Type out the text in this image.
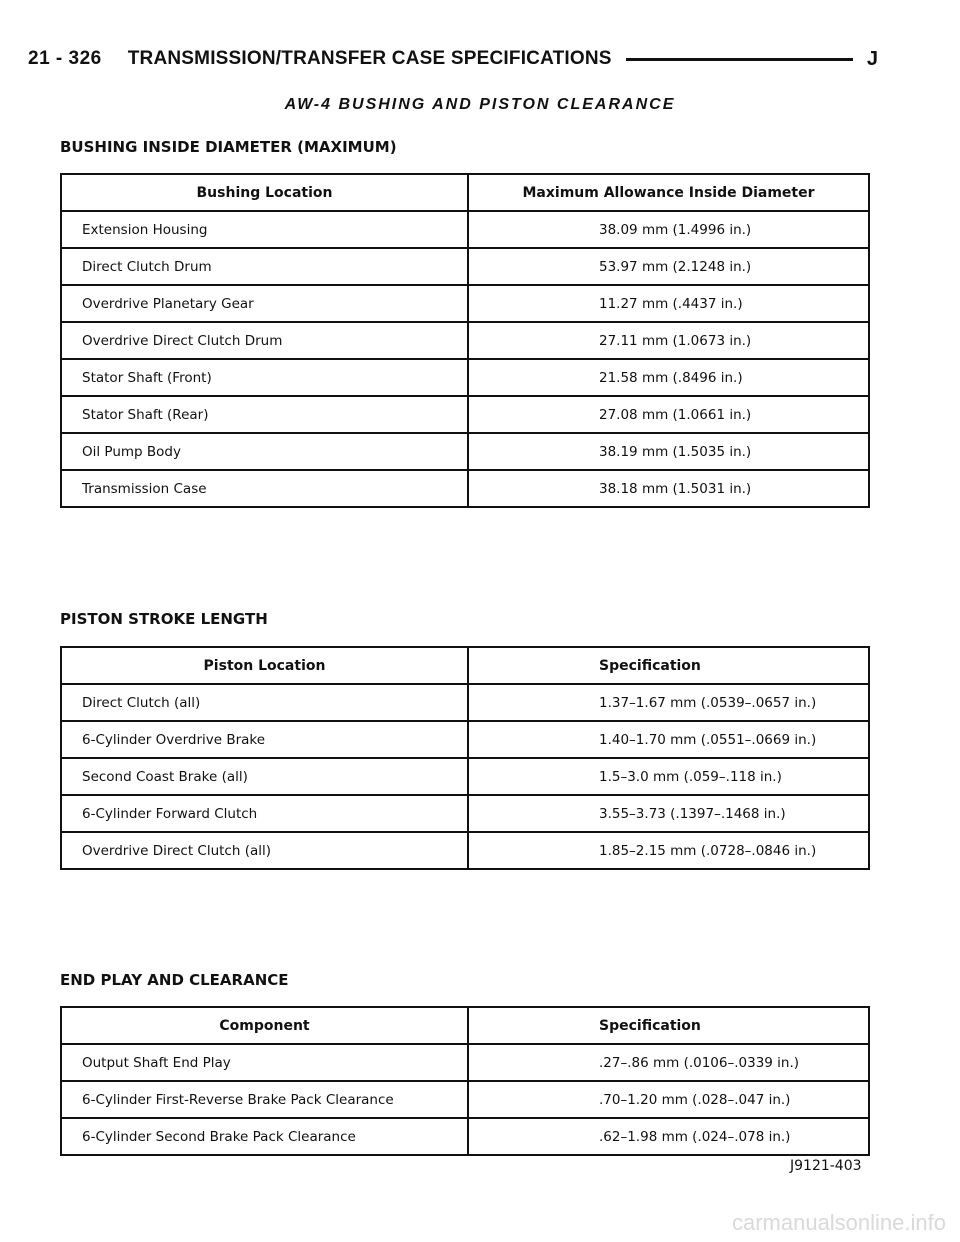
21 - 326 TRANSMISSION/TRANSFER CASE SPECIFICATIONS	J
AW-4 BUSHING AND PISTON CLEARANCE
BUSHING INSIDE DIAMETER (MAXIMUM)
Bushing Location	Maximum Allowance Inside Diameter
Extension Housing	38.09 mm (1.4996 in.)
Direct Clutch Drum	53.97 mm (2.1248 in.)
Overdrive Planetary Gear	11.27 mm (.4437 in.)
Overdrive Direct Clutch Drum	27.11 mm (1.0673 in.)
Stator Shaft (Front)	21.58 mm (.8496 in.)
Stator Shaft (Rear)	27.08 mm (1.0661 in.)
Oil Pump Body	38.19 mm (1.5035 in.)
Transmission Case	38.18 mm (1.5031 in.)
PISTON STROKE LENGTH
Piston Location	Specification
Direct Clutch (all)	1.37–1.67 mm (.0539–.0657 in.)
6-Cylinder Overdrive Brake	1.40–1.70 mm (.0551–.0669 in.)
Second Coast Brake (all)	1.5–3.0 mm (.059–.118 in.)
6-Cylinder Forward Clutch	3.55–3.73 (.1397–.1468 in.)
Overdrive Direct Clutch (all)	1.85–2.15 mm (.0728–.0846 in.)
END PLAY AND CLEARANCE
Component	Specification
Output Shaft End Play	.27–.86 mm (.0106–.0339 in.)
6-Cylinder First-Reverse Brake Pack Clearance	.70–1.20 mm (.028–.047 in.)
6-Cylinder Second Brake Pack Clearance	.62–1.98 mm (.024–.078 in.)
J9121-403
carmanualsonline.info
